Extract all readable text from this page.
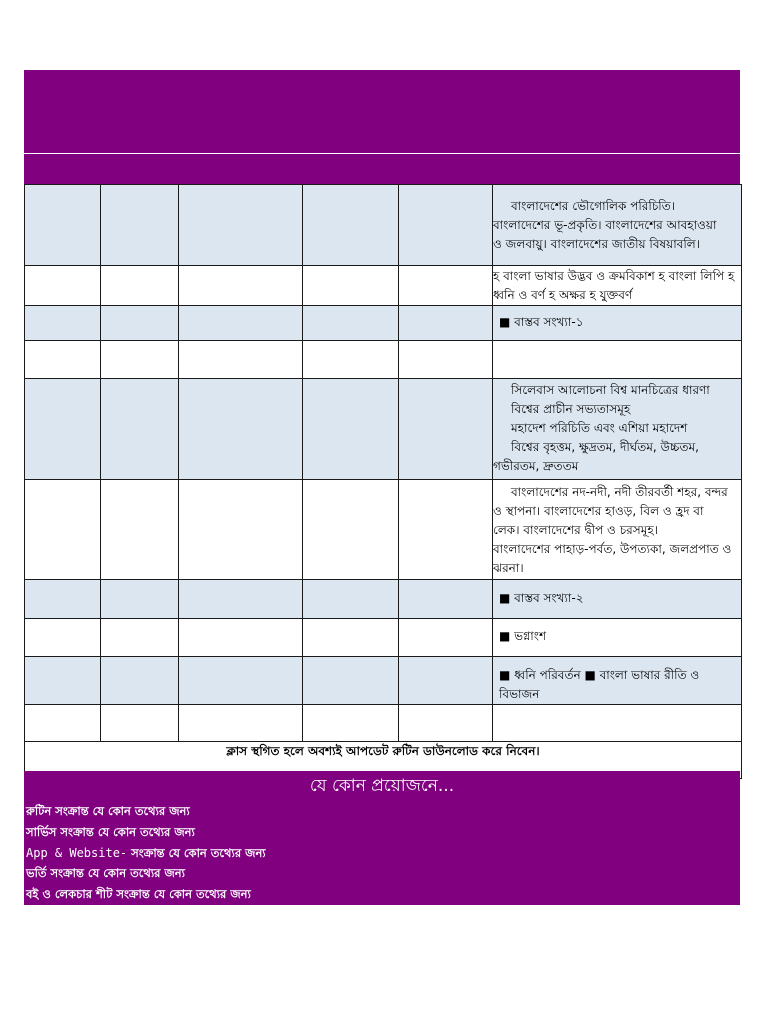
					বাংলাদেশের ভৌগোলিক পরিচিতি।
বাংলাদেশের ভূ-প্রকৃতি। বাংলাদেশের আবহাওয়া
ও জলবায়ু। বাংলাদেশের জাতীয় বিষয়াবলি।

					হ বাংলা ভাষার উদ্ভব ও ক্রমবিকাশ হ বাংলা লিপি হ
ধ্বনি ও বর্ণ হ অক্ষর হ যুক্তবর্ণ

					■ বাস্তব সংখ্যা-১

					সিলেবাস আলোচনা বিশ্ব মানচিত্রের ধারণা
বিশ্বের প্রাচীন সভ্যতাসমূহ
মহাদেশ পরিচিতি এবং এশিয়া মহাদেশ
বিশ্বের বৃহত্তম, ক্ষুদ্রতম, দীর্ঘতম, উচ্চতম,
গভীরতম, দ্রুততম

					বাংলাদেশের নদ-নদী, নদী তীরবর্তী শহর, বন্দর
ও স্থাপনা। বাংলাদেশের হাওড়, বিল ও হ্রদ বা
লেক। বাংলাদেশের দ্বীপ ও চরসমূহ।
বাংলাদেশের পাহাড়-পর্বত, উপত্যকা, জলপ্রপাত ও
ঝরনা।

					■ বাস্তব সংখ্যা-২

					■ ভগ্নাংশ

					■ ধ্বনি পরিবর্তন ■ বাংলা ভাষার রীতি ও বিভাজন

ক্লাস স্থগিত হলে অবশ্যই আপডেট রুটিন ডাউনলোড করে নিবেন।					
যে কোন প্রয়োজনে...
রুটিন সংক্রান্ত যে কোন তথ্যের জন্য
সার্ভিস সংক্রান্ত যে কোন তথ্যের জন্য
App & Website- সংক্রান্ত যে কোন তথ্যের জন্য
ভর্তি সংক্রান্ত যে কোন তথ্যের জন্য
বই ও লেকচার শীট সংক্রান্ত যে কোন তথ্যের জন্য
